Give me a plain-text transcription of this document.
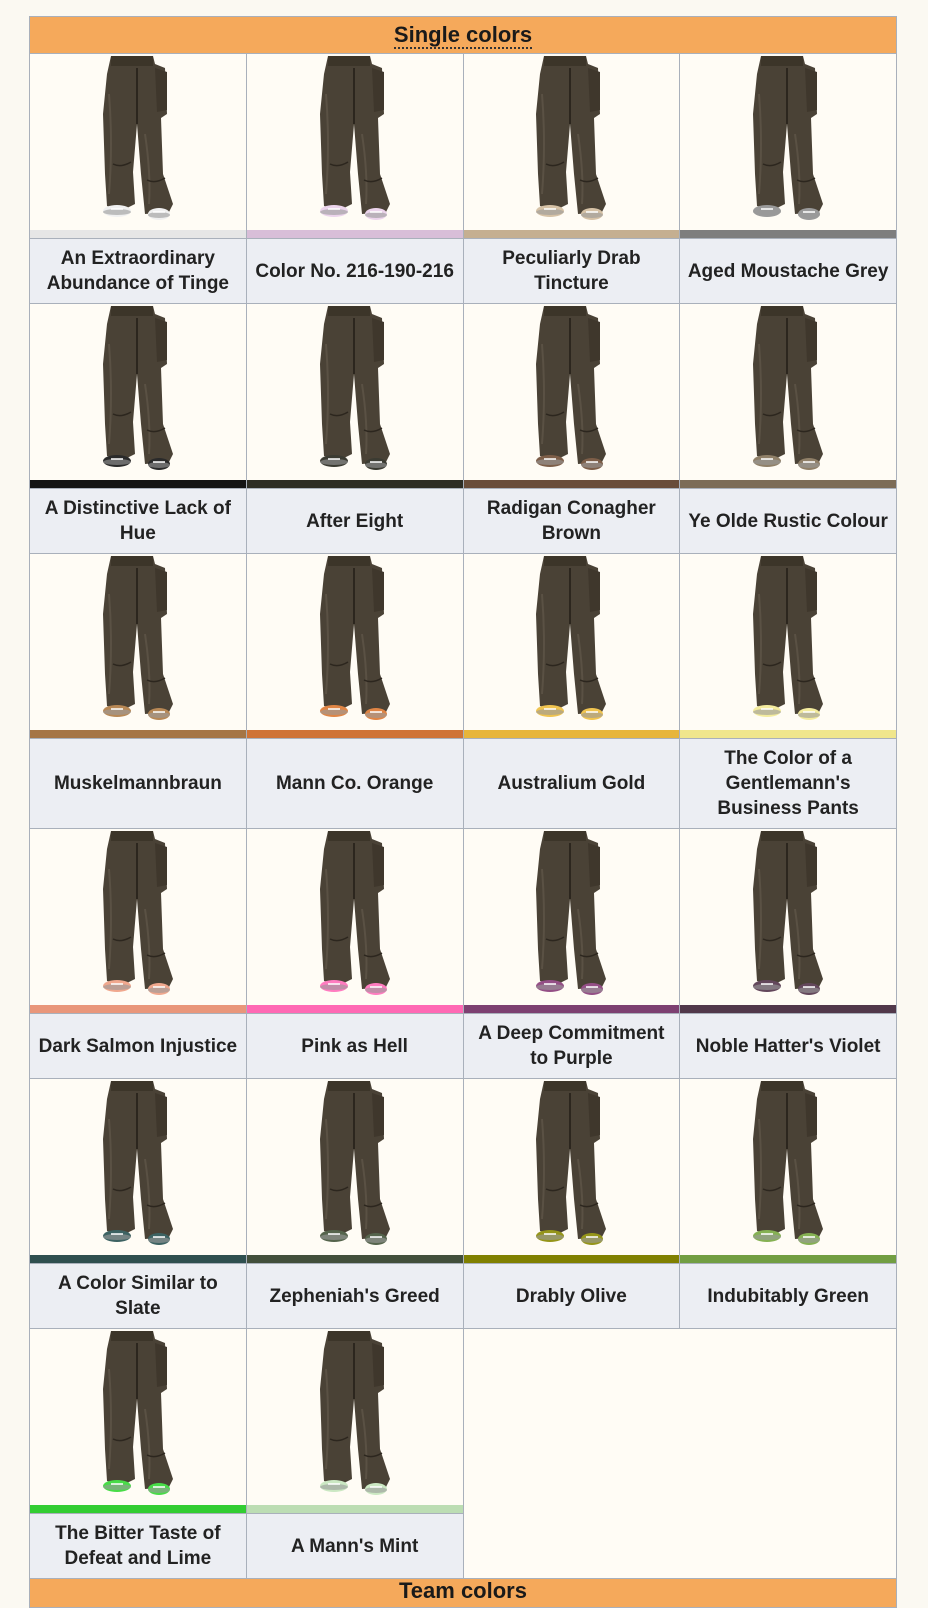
Single colors			

An Extraordinary Abundance of Tinge	Color No. 216-190-216	Peculiarly Drab Tincture	Aged Moustache Grey

A Distinctive Lack of Hue	After Eight	Radigan Conagher Brown	Ye Olde Rustic Colour

Muskelmannbraun	Mann Co. Orange	Australium Gold	The Color of a Gentlemann's Business Pants

Dark Salmon Injustice	Pink as Hell	A Deep Commitment to Purple	Noble Hatter's Violet

A Color Similar to Slate	Zepheniah's Greed	Drably Olive	Indubitably Green

The Bitter Taste of Defeat and Lime	A Mann's Mint		
Team colors			
